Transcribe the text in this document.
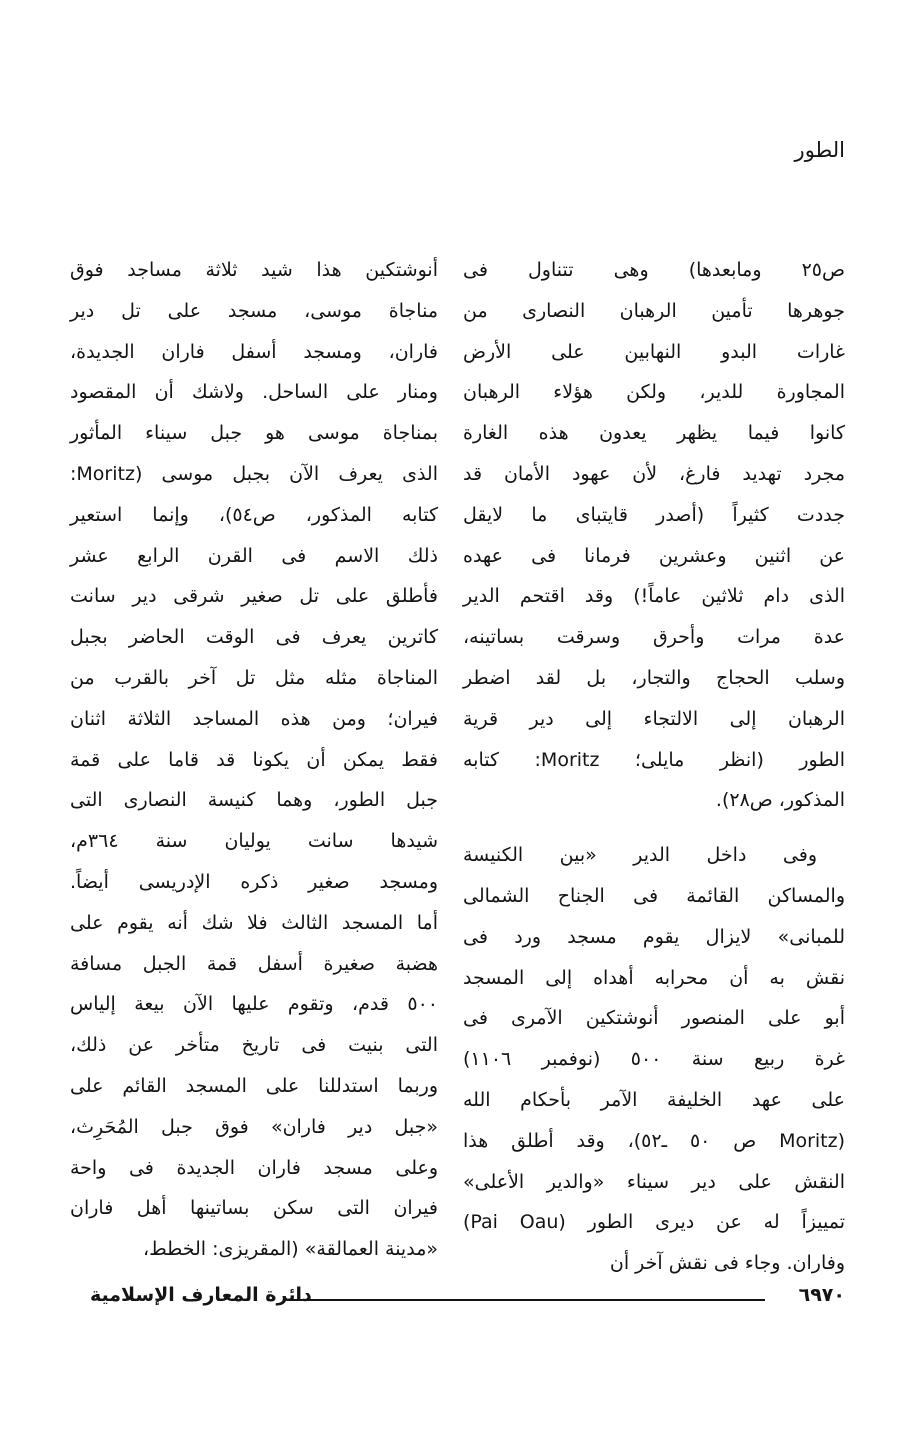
الطور
ص٢٥ ومابعدها) وهى تتناول فى
جوهرها تأمين الرهبان النصارى من
غارات البدو النهابين على الأرض
المجاورة للدير، ولكن هؤلاء الرهبان
كانوا فيما يظهر يعدون هذه الغارة
مجرد تهديد فارغ، لأن عهود الأمان قد
جددت كثيراً (أصدر قايتباى ما لايقل
عن اثنين وعشرين فرمانا فى عهده
الذى دام ثلاثين عاماً!) وقد اقتحم الدير
عدة مرات وأحرق وسرقت بساتينه،
وسلب الحجاج والتجار، بل لقد اضطر
الرهبان إلى الالتجاء إلى دير قرية
الطور (انظر مايلى؛ Moritz: كتابه
المذكور، ص٢٨).
وفى داخل الدير «بين الكنيسة
والمساكن القائمة فى الجناح الشمالى
للمبانى» لايزال يقوم مسجد ورد فى
نقش به أن محرابه أهداه إلى المسجد
أبو على المنصور أنوشتكين الآمرى فى
غرة ربيع سنة ٥٠٠ (نوفمبر ١١٠٦)
على عهد الخليفة الآمر بأحكام الله
(Moritz ص ٥٠ ـ٥٢)، وقد أطلق هذا
النقش على دير سيناء «والدير الأعلى»
تمييزاً له عن ديرى الطور (Pai Oau)
وفاران. وجاء فى نقش آخر أن
أنوشتكين هذا شيد ثلاثة مساجد فوق
مناجاة موسى، مسجد على تل دير
فاران، ومسجد أسفل فاران الجديدة،
ومنار على الساحل. ولاشك أن المقصود
بمناجاة موسى هو جبل سيناء المأثور
الذى يعرف الآن بجبل موسى (Moritz:
كتابه المذكور، ص٥٤)، وإنما استعير
ذلك الاسم فى القرن الرابع عشر
فأطلق على تل صغير شرقى دير سانت
كاترين يعرف فى الوقت الحاضر بجبل
المناجاة مثله مثل تل آخر بالقرب من
فيران؛ ومن هذه المساجد الثلاثة اثنان
فقط يمكن أن يكونا قد قاما على قمة
جبل الطور، وهما كنيسة النصارى التى
شيدها سانت يوليان سنة ٣٦٤م،
ومسجد صغير ذكره الإدريسى أيضاً.
أما المسجد الثالث فلا شك أنه يقوم على
هضبة صغيرة أسفل قمة الجبل مسافة
٥٠٠ قدم، وتقوم عليها الآن بيعة إلياس
التى بنيت فى تاريخ متأخر عن ذلك،
وربما استدللنا على المسجد القائم على
«جبل دير فاران» فوق جبل المُحَرِث،
وعلى مسجد فاران الجديدة فى واحة
فيران التى سكن بساتينها أهل فاران
«مدينة العمالقة» (المقريزى: الخطط،
٦٩٧٠
دائرة المعارف الإسلامية
